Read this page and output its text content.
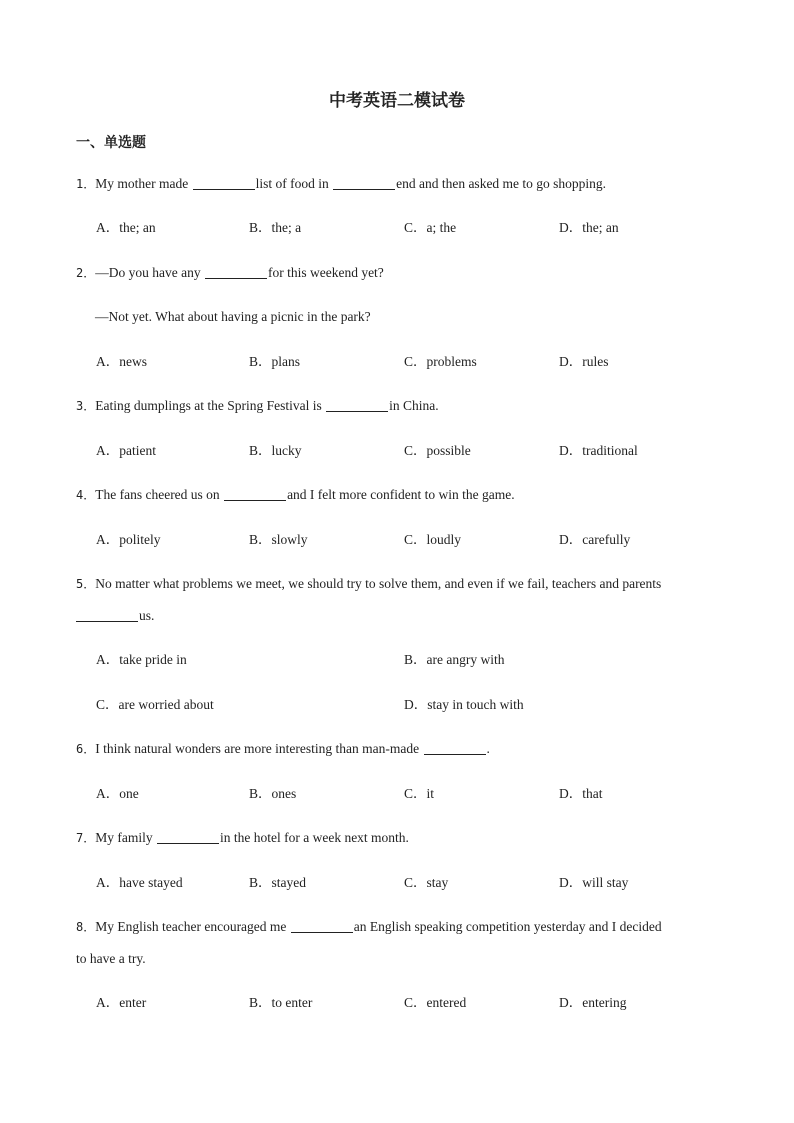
中考英语二模试卷
一、单选题
1．My mother made	list of food in	end and then asked me to go shopping.
A．the; an	B．the; a	C．a; the	D．the; an
2．—Do you have any	for this weekend yet?
—Not yet. What about having a picnic in the park?
A．news	B．plans	C．problems	D．rules
3．Eating dumplings at the Spring Festival is	in China.
A．patient	B．lucky	C．possible	D．traditional
4．The fans cheered us on	and I felt more confident to win the game.
A．politely	B．slowly	C．loudly	D．carefully
5．No matter what problems we meet, we should try to solve them, and even if we fail, teachers and parents
us.
A．take pride in	B．are angry with
C．are worried about	D．stay in touch with
6．I think natural wonders are more interesting than man-made	.
A．one	B．ones	C．it	D．that
7．My family	in the hotel for a week next month.
A．have stayed	B．stayed	C．stay	D．will stay
8．My English teacher encouraged me	an English speaking competition yesterday and I decided
to have a try.
A．enter	B．to enter	C．entered	D．entering
